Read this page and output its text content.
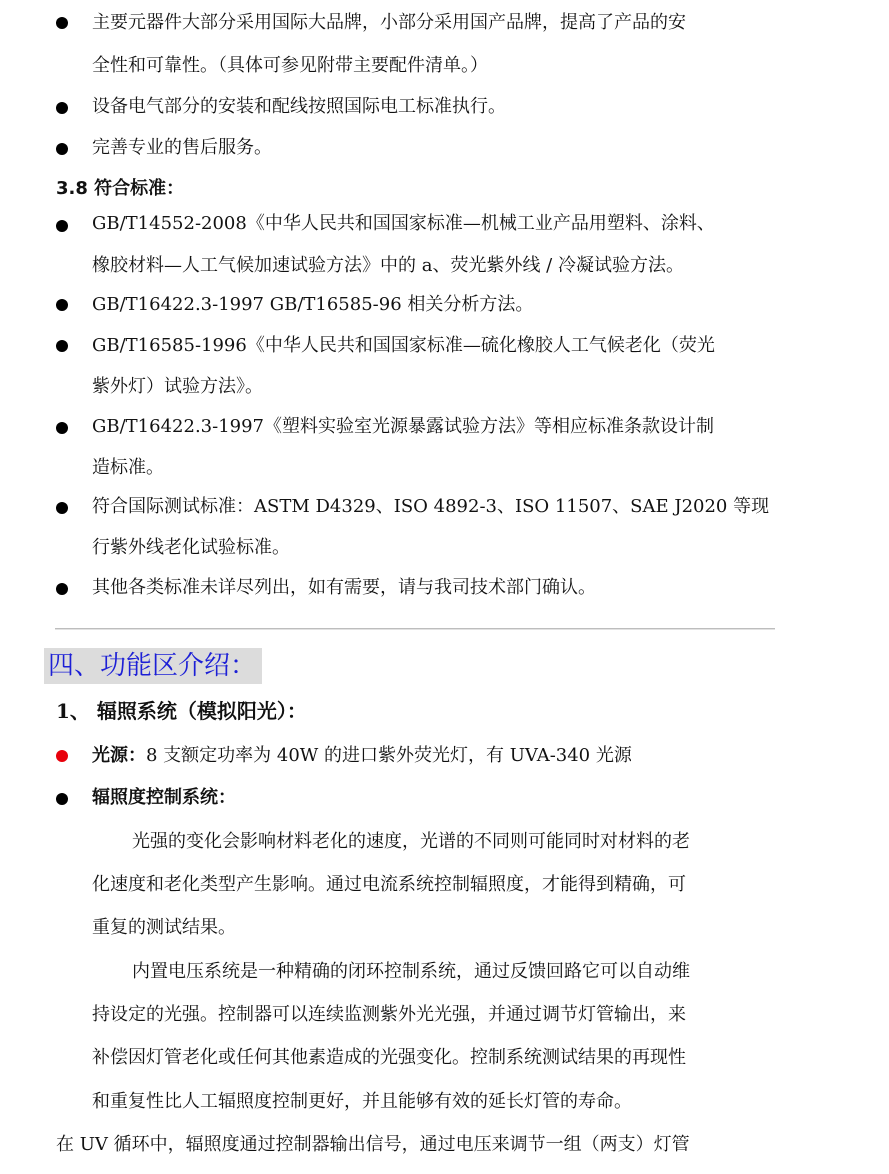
主要元器件大部分采用国际大品牌，小部分采用国产品牌，提高了产品的安
全性和可靠性。（具体可参见附带主要配件清单。）
设备电气部分的安装和配线按照国际电工标准执行。
完善专业的售后服务。
3.8 符合标准：
GB/T14552-2008《中华人民共和国国家标准—机械工业产品用塑料、涂料、
橡胶材料—人工气候加速试验方法》中的 a、荧光紫外线 / 冷凝试验方法。
GB/T16422.3-1997 GB/T16585-96 相关分析方法。
GB/T16585-1996《中华人民共和国国家标准—硫化橡胶人工气候老化（荧光
紫外灯）试验方法》。
GB/T16422.3-1997《塑料实验室光源暴露试验方法》等相应标准条款设计制
造标准。
符合国际测试标准：ASTM D4329、ISO 4892-3、ISO 11507、SAE J2020 等现
行紫外线老化试验标准。
其他各类标准未详尽列出，如有需要，请与我司技术部门确认。
四、功能区介绍：
1、 辐照系统（模拟阳光）：
光源：8 支额定功率为 40W 的进口紫外荧光灯，有 UVA-340 光源
辐照度控制系统：
光强的变化会影响材料老化的速度，光谱的不同则可能同时对材料的老
化速度和老化类型产生影响。通过电流系统控制辐照度，才能得到精确，可
重复的测试结果。
内置电压系统是一种精确的闭环控制系统，通过反馈回路它可以自动维
持设定的光强。控制器可以连续监测紫外光光强，并通过调节灯管输出，来
补偿因灯管老化或任何其他素造成的光强变化。控制系统测试结果的再现性
和重复性比人工辐照度控制更好，并且能够有效的延长灯管的寿命。
在 UV 循环中，辐照度通过控制器输出信号，通过电压来调节一组（两支）灯管
